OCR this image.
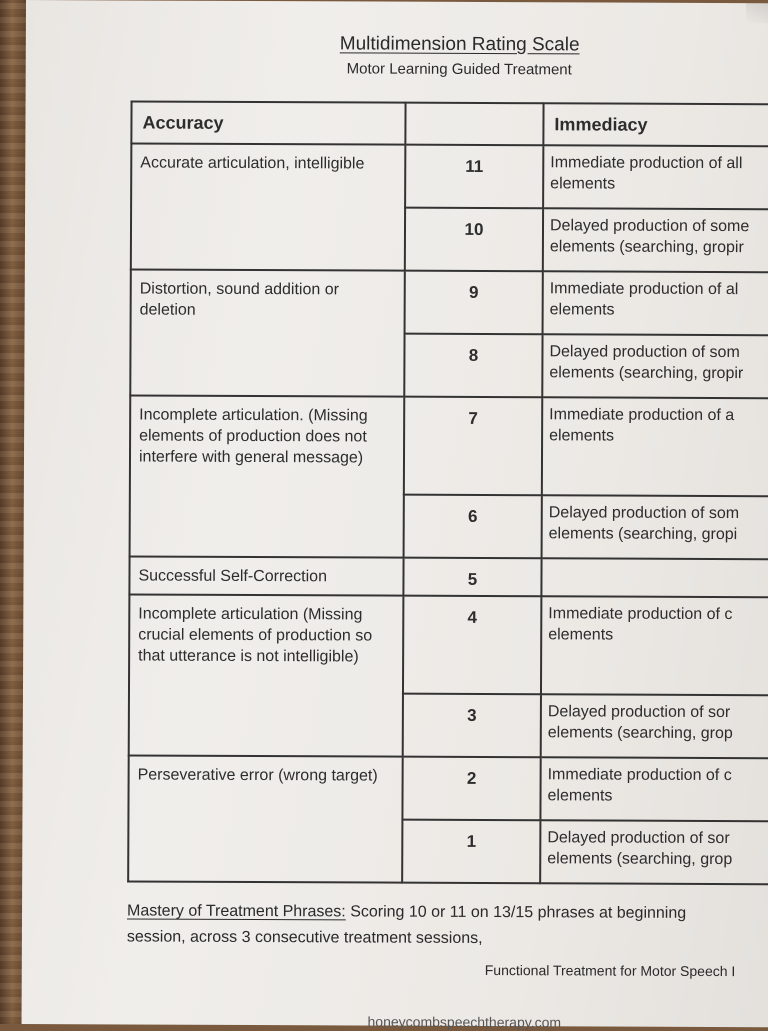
Multidimension Rating Scale
Motor Learning Guided Treatment
Accuracy		Immediacy
Accurate articulation, intelligible	11	Immediate production of all
elements

	10	Delayed production of some
elements (searching, gropir

Distortion, sound addition or deletion	9	Immediate production of al
elements

	8	Delayed production of som
elements (searching, gropir

Incomplete articulation. (Missing elements of production does not interfere with general message)	7	Immediate production of a
elements

	6	Delayed production of som
elements (searching, gropi

Successful Self-Correction	5	

Incomplete articulation (Missing crucial elements of production so that utterance is not intelligible)	4	Immediate production of c
elements

	3	Delayed production of sor
elements (searching, grop

Perseverative error (wrong target)	2	Immediate production of c
elements

	1	Delayed production of sor
elements (searching, grop
Mastery of Treatment Phrases: Scoring 10 or 11 on 13/15 phrases at beginning
session, across 3 consecutive treatment sessions,
Functional Treatment for Motor Speech I
honeycombspeechtherapy.com
